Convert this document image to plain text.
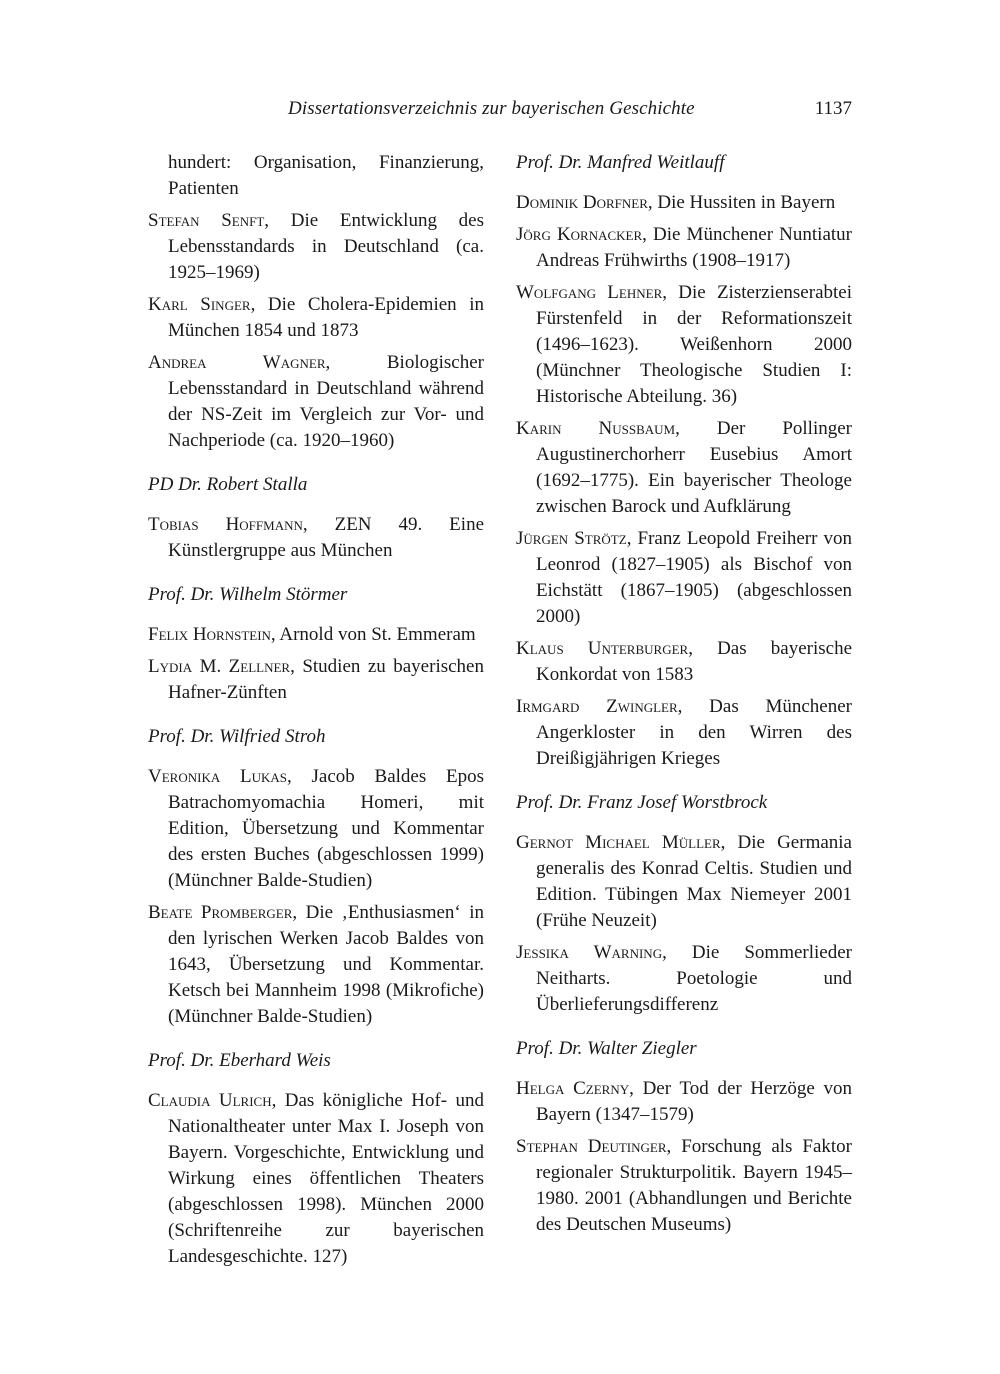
Dissertationsverzeichnis zur bayerischen Geschichte	1137

hundert: Organisation, Finanzierung, Patienten

Stefan Senft, Die Entwicklung des Lebensstandards in Deutschland (ca. 1925–1969)

Karl Singer, Die Cholera-Epidemien in München 1854 und 1873

Andrea Wagner, Biologischer Lebensstandard in Deutschland während der NS-Zeit im Vergleich zur Vor- und Nachperiode (ca. 1920–1960)

PD Dr. Robert Stalla

Tobias Hoffmann, ZEN 49. Eine Künstlergruppe aus München

Prof. Dr. Wilhelm Störmer

Felix Hornstein, Arnold von St. Emmeram

Lydia M. Zellner, Studien zu bayerischen Hafner-Zünften

Prof. Dr. Wilfried Stroh

Veronika Lukas, Jacob Baldes Epos Batrachomyomachia Homeri, mit Edition, Übersetzung und Kommentar des ersten Buches (abgeschlossen 1999) (Münchner Balde-Studien)

Beate Promberger, Die ‚Enthusiasmen‘ in den lyrischen Werken Jacob Baldes von 1643, Übersetzung und Kommentar. Ketsch bei Mannheim 1998 (Mikrofiche) (Münchner Balde-Studien)

Prof. Dr. Eberhard Weis

Claudia Ulrich, Das königliche Hof- und Nationaltheater unter Max I. Joseph von Bayern. Vorgeschichte, Entwicklung und Wirkung eines öffentlichen Theaters (abgeschlossen 1998). München 2000 (Schriftenreihe zur bayerischen Landesgeschichte. 127)

Prof. Dr. Manfred Weitlauff

Dominik Dorfner, Die Hussiten in Bayern

Jörg Kornacker, Die Münchener Nuntiatur Andreas Frühwirths (1908–1917)

Wolfgang Lehner, Die Zisterzienserabtei Fürstenfeld in der Reformationszeit (1496–1623). Weißenhorn 2000 (Münchner Theologische Studien I: Historische Abteilung. 36)

Karin Nußbaum, Der Pollinger Augustinerchorherr Eusebius Amort (1692–1775). Ein bayerischer Theologe zwischen Barock und Aufklärung

Jürgen Strötz, Franz Leopold Freiherr von Leonrod (1827–1905) als Bischof von Eichstätt (1867–1905) (abgeschlossen 2000)

Klaus Unterburger, Das bayerische Konkordat von 1583

Irmgard Zwingler, Das Münchener Angerkloster in den Wirren des Dreißigjährigen Krieges

Prof. Dr. Franz Josef Worstbrock

Gernot Michael Müller, Die Germania generalis des Konrad Celtis. Studien und Edition. Tübingen Max Niemeyer 2001 (Frühe Neuzeit)

Jessika Warning, Die Sommerlieder Neitharts. Poetologie und Überlieferungsdifferenz

Prof. Dr. Walter Ziegler

Helga Czerny, Der Tod der Herzöge von Bayern (1347–1579)

Stephan Deutinger, Forschung als Faktor regionaler Strukturpolitik. Bayern 1945–1980. 2001 (Abhandlungen und Berichte des Deutschen Museums)
